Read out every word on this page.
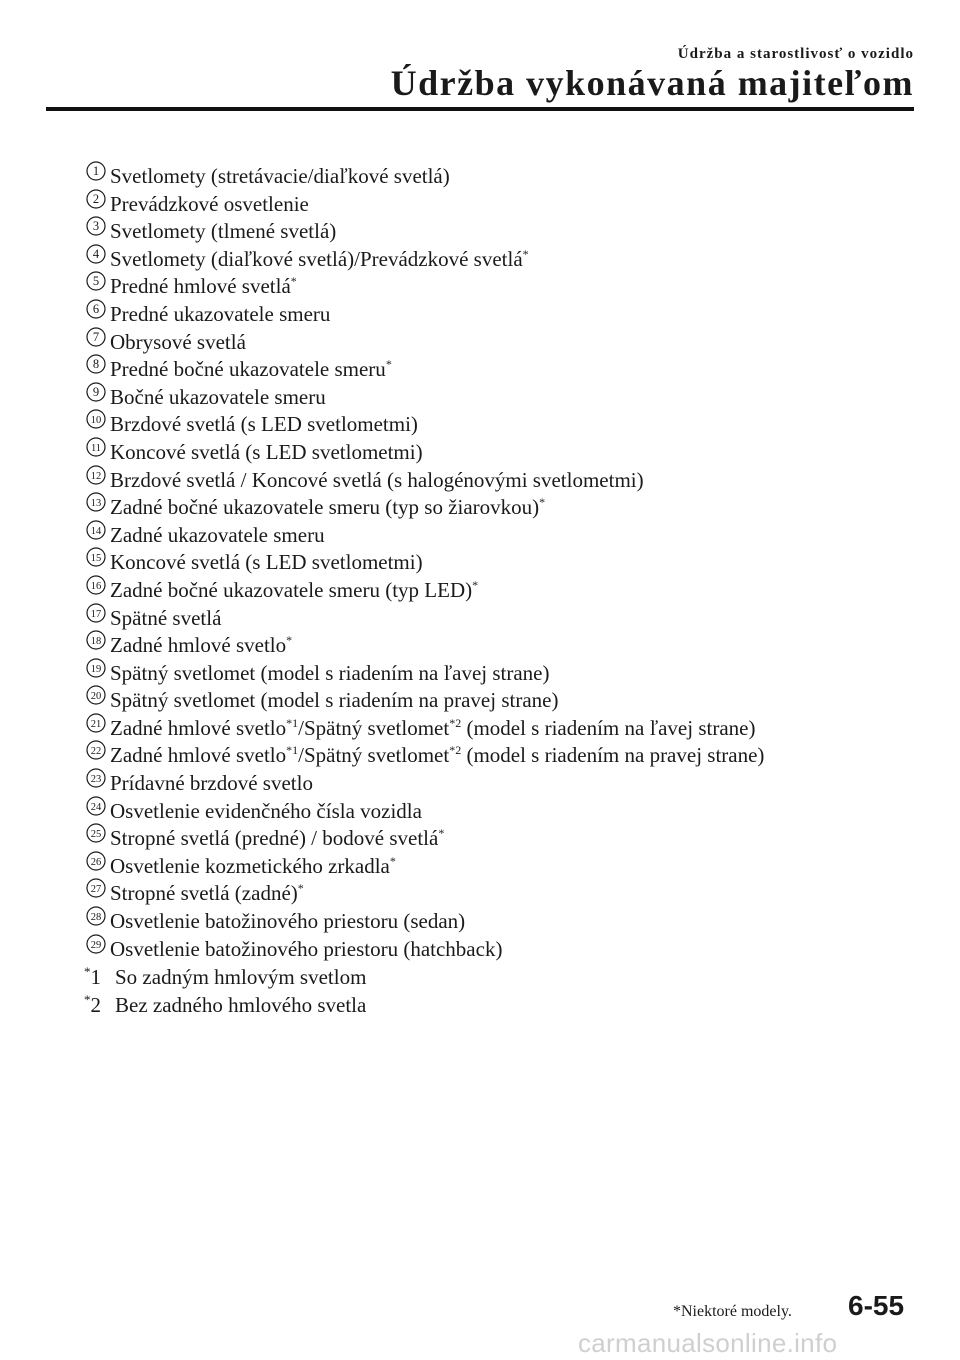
Údržba a starostlivosť o vozidlo
Údržba vykonávaná majiteľom
1 Svetlomety (stretávacie/diaľkové svetlá)
2 Prevádzkové osvetlenie
3 Svetlomety (tlmené svetlá)
4 Svetlomety (diaľkové svetlá)/Prevádzkové svetlá*
5 Predné hmlové svetlá*
6 Predné ukazovatele smeru
7 Obrysové svetlá
8 Predné bočné ukazovatele smeru*
9 Bočné ukazovatele smeru
10 Brzdové svetlá (s LED svetlometmi)
11 Koncové svetlá (s LED svetlometmi)
12 Brzdové svetlá / Koncové svetlá (s halogénovými svetlometmi)
13 Zadné bočné ukazovatele smeru (typ so žiarovkou)*
14 Zadné ukazovatele smeru
15 Koncové svetlá (s LED svetlometmi)
16 Zadné bočné ukazovatele smeru (typ LED)*
17 Spätné svetlá
18 Zadné hmlové svetlo*
19 Spätný svetlomet (model s riadením na ľavej strane)
20 Spätný svetlomet (model s riadením na pravej strane)
21 Zadné hmlové svetlo$^{*1}$/Spätný svetlomet$^{*2}$ (model s riadením na ľavej strane)
22 Zadné hmlové svetlo$^{*1}$/Spätný svetlomet$^{*2}$ (model s riadením na pravej strane)
23 Prídavné brzdové svetlo
24 Osvetlenie evidenčného čísla vozidla
25 Stropné svetlá (predné) / bodové svetlá*
26 Osvetlenie kozmetického zrkadla*
27 Stropné svetlá (zadné)*
28 Osvetlenie batožinového priestoru (sedan)
29 Osvetlenie batožinového priestoru (hatchback)
*1 So zadným hmlovým svetlom
*2 Bez zadného hmlového svetla
*Niektoré modely. 6-55
carmanualsonline.info
